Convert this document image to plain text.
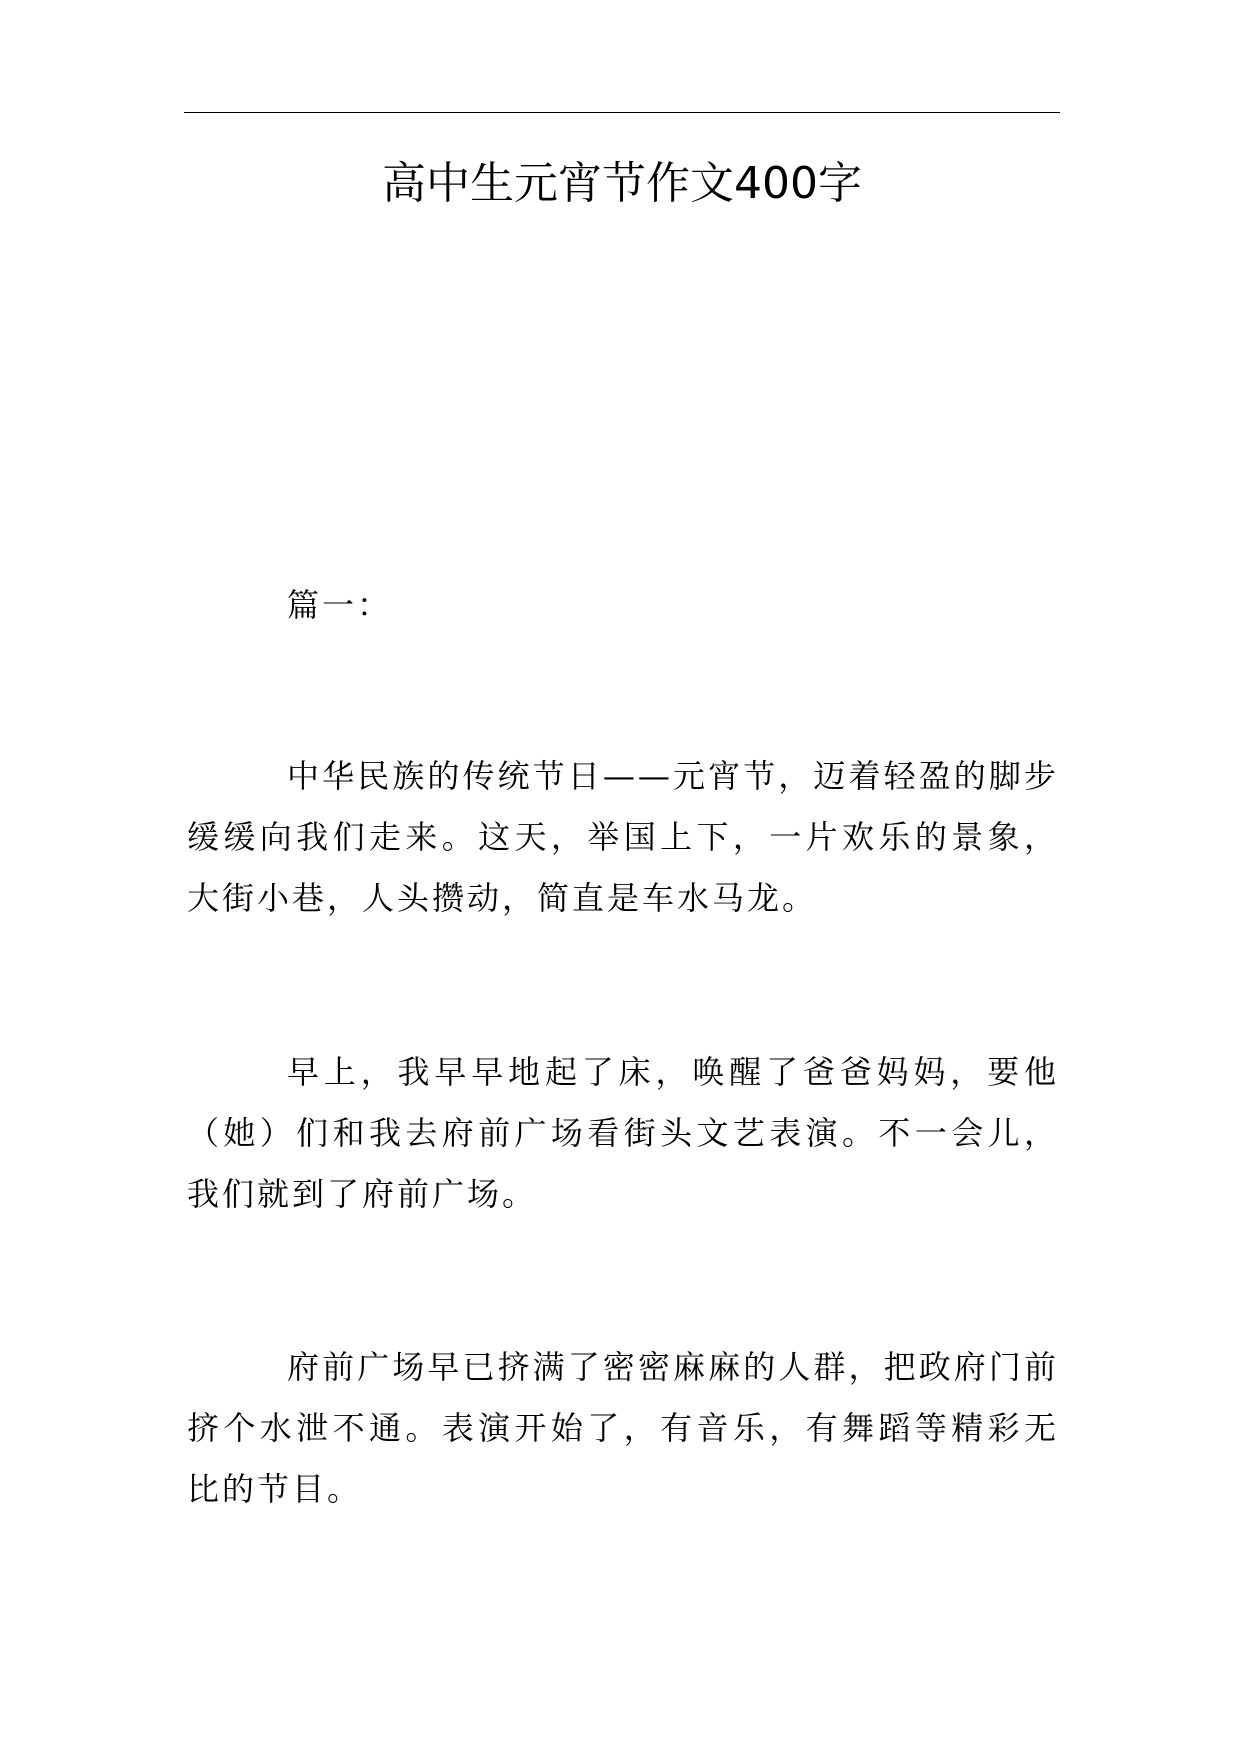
高中生元宵节作文400字

篇一：

中华民族的传统节日——元宵节，迈着轻盈的脚步缓缓向我们走来。这天，举国上下，一片欢乐的景象，大街小巷，人头攒动，简直是车水马龙。

早上，我早早地起了床，唤醒了爸爸妈妈，要他（她）们和我去府前广场看街头文艺表演。不一会儿，我们就到了府前广场。

府前广场早已挤满了密密麻麻的人群，把政府门前挤个水泄不通。表演开始了，有音乐，有舞蹈等精彩无比的节目。
